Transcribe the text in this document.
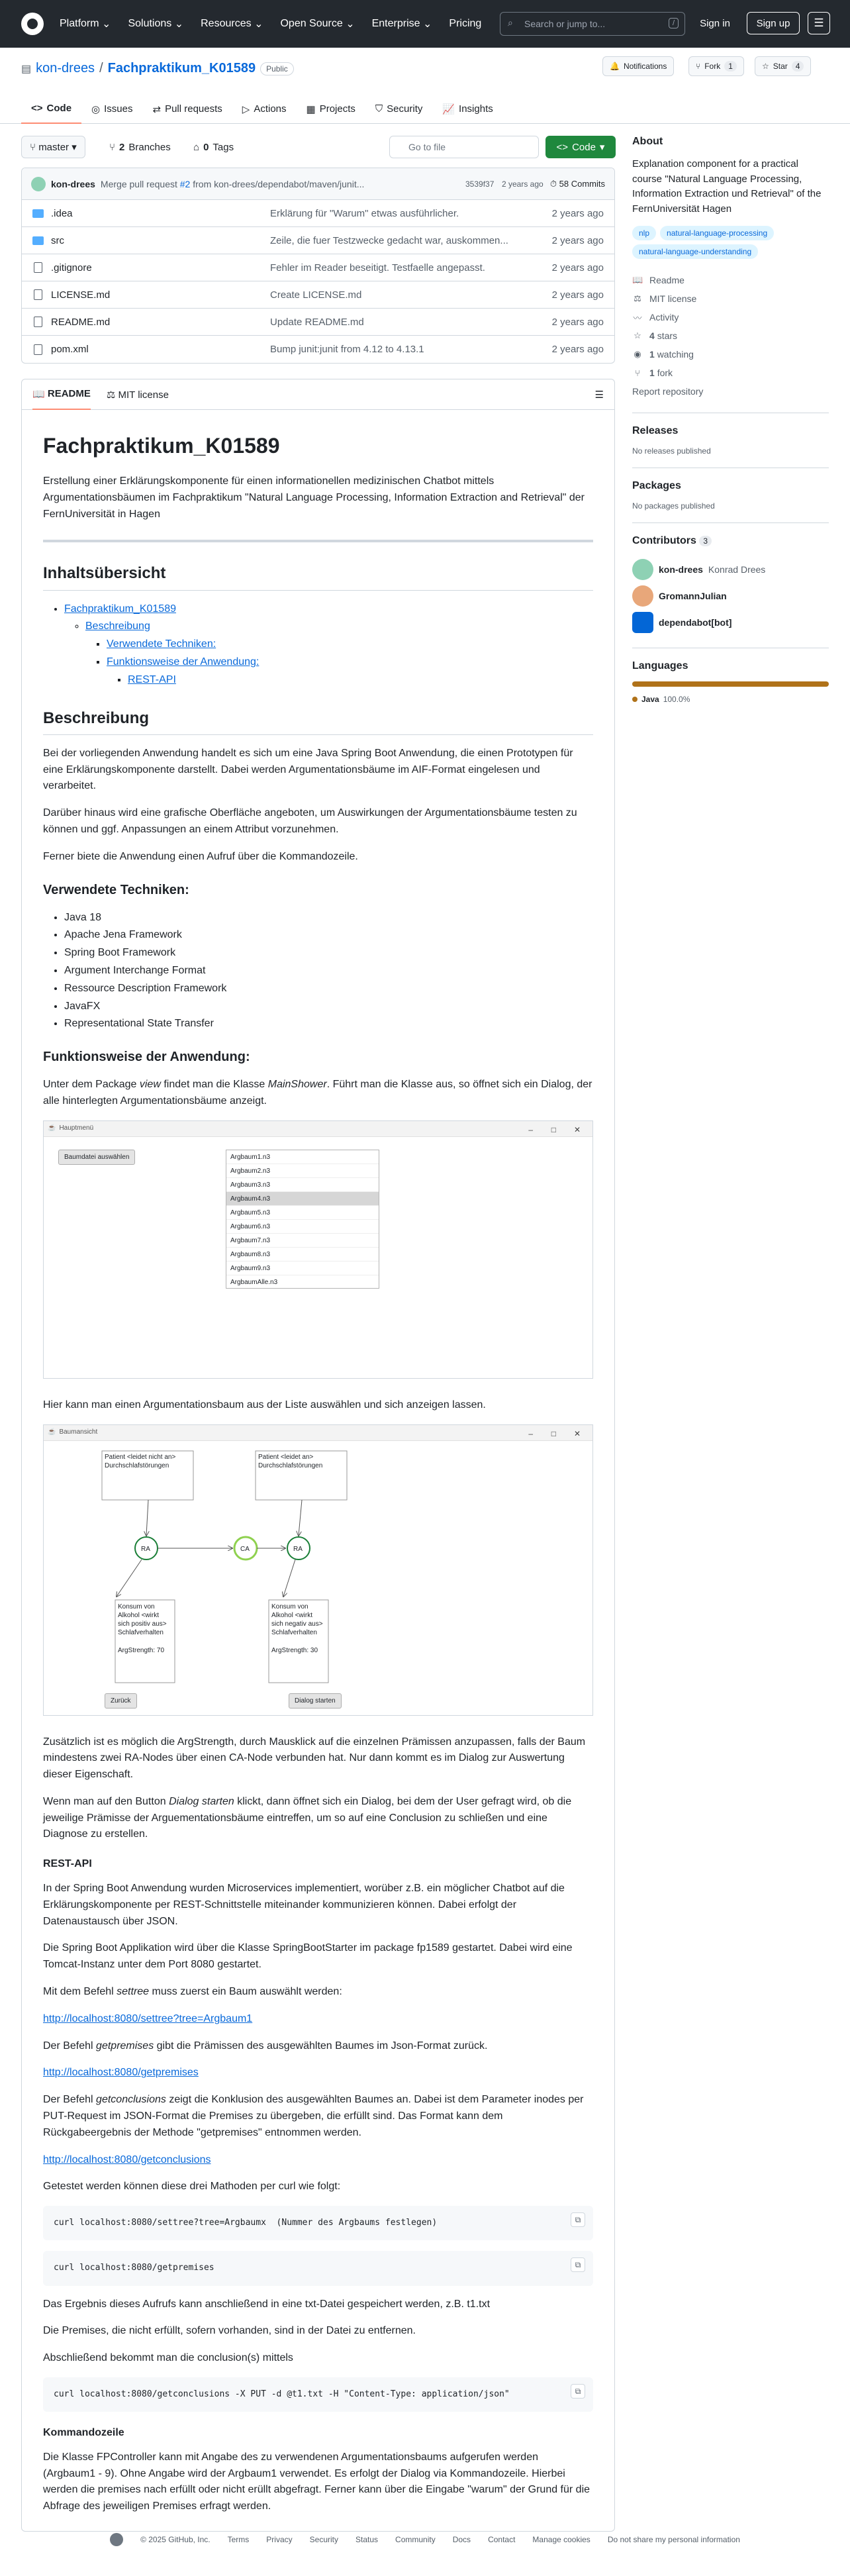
Platform
⌄ Solutions
⌄ Resources
⌄ Open Source
⌄ Enterprise
⌄ Pricing	⌕ Search or jump to...	/	Sign in	Sign up	☰
▤ kon-drees / Fachpraktikum_K01589	Public	🔔 Notifications	⑂ Fork	1	☆ Star	4
<> Code ◎ Issues ⇄ Pull requests ▷ Actions ▦ Projects ⛉ Security 📈 Insights
⑂
master
▾	⑂ 2 Branches ⌂ 0 Tags	Go to file	<> Code ▾
kon-drees Merge pull request #2 from kon-drees/dependabot/maven/junit...	3539f37 2 years ago ⏱ 58 Commits
.idea	Erklärung für "Warum" etwas ausführlicher.	2 years ago
src	Zeile, die fuer Testzwecke gedacht war, auskommen...	2 years ago
.gitignore	Fehler im Reader beseitigt. Testfaelle angepasst.	2 years ago
LICENSE.md	Create LICENSE.md	2 years ago
README.md	Update README.md	2 years ago
pom.xml	Bump junit:junit from 4.12 to 4.13.1	2 years ago
📖
README ⚖ MIT license	☰
Fachpraktikum_K01589

Erstellung einer Erklärungskomponente für einen informationellen medizinischen Chatbot mittels Argumentationsbäumen im Fachpraktikum "Natural Language Processing, Information Extraction and Retrieval" der FernUniversität in Hagen

Inhaltsübersicht
• Fachpraktikum_K01589
◦ Beschreibung
▪ Verwendete Techniken:
▪ Funktionsweise der Anwendung:
▪ REST-API
Beschreibung

Bei der vorliegenden Anwendung handelt es sich um eine Java Spring Boot Anwendung, die einen Prototypen für eine Erklärungskomponente darstellt. Dabei werden Argumentationsbäume im AIF-Format eingelesen und verarbeitet.

Darüber hinaus wird eine grafische Oberfläche angeboten, um Auswirkungen der Argumentationsbäume testen zu können und ggf. Anpassungen an einem Attribut vorzunehmen.

Ferner biete die Anwendung einen Aufruf über die Kommandozeile.

Verwendete Techniken:
• Java 18
• Apache Jena Framework
• Spring Boot Framework
• Argument Interchange Format
• Ressource Description Framework
• JavaFX
• Representational State Transfer
Funktionsweise der Anwendung:

Unter dem Package view findet man die Klasse MainShower. Führt man die Klasse aus, so öffnet sich ein Dialog, der alle hinterlegten Argumentationsbäume anzeigt.

☕ Hauptmenü	– □ ✕
Baumdatei auswählen	Argbaum1.n3
Argbaum2.n3
Argbaum3.n3
Argbaum4.n3
Argbaum5.n3
Argbaum6.n3
Argbaum7.n3
Argbaum8.n3
Argbaum9.n3
ArgbaumAlle.n3

Hier kann man einen Argumentationsbaum aus der Liste auswählen und sich anzeigen lassen.

☕ Baumansicht	– □ ✕
Patient <leidet nicht an> Durchschlafstörungen
Patient <leidet an> Durchschlafstörungen
RA	CA	RA
Konsum von Alkohol <wirkt sich positiv aus>
Schlafverhalten
ArgStrength: 70
Konsum von Alkohol <wirkt sich negativ aus>
Schlafverhalten
ArgStrength: 30
Zurück	Dialog starten

Zusätzlich ist es möglich die ArgStrength, durch Mausklick auf die einzelnen Prämissen anzupassen, falls der Baum mindestens zwei RA-Nodes über einen CA-Node verbunden hat. Nur dann kommt es im Dialog zur Auswertung dieser Eigenschaft.

Wenn man auf den Button Dialog starten klickt, dann öffnet sich ein Dialog, bei dem der User gefragt wird, ob die jeweilige Prämisse der Arguementationsbäume eintreffen, um so auf eine Conclusion zu schließen und eine Diagnose zu erstellen.

REST-API

In der Spring Boot Anwendung wurden Microservices implementiert, worüber z.B. ein möglicher Chatbot auf die Erklärungskomponente per REST-Schnittstelle miteinander kommunizieren können. Dabei erfolgt der Datenaustausch über JSON.

Die Spring Boot Applikation wird über die Klasse SpringBootStarter im package fp1589 gestartet. Dabei wird eine Tomcat-Instanz unter dem Port 8080 gestartet.

Mit dem Befehl settree muss zuerst ein Baum auswählt werden:

http://localhost:8080/settree?tree=Argbaum1

Der Befehl getpremises gibt die Prämissen des ausgewählten Baumes im Json-Format zurück.

http://localhost:8080/getpremises

Der Befehl getconclusions zeigt die Konklusion des ausgewählten Baumes an. Dabei ist dem Parameter inodes per PUT-Request im JSON-Format die Premises zu übergeben, die erfüllt sind. Das Format kann dem Rückgabeergebnis der Methode "getpremises" entnommen werden.

http://localhost:8080/getconclusions

Getestet werden können diese drei Mathoden per curl wie folgt:

curl localhost:8080/settree?tree=Argbaumx  (Nummer des Argbaums festlegen)	⧉
curl localhost:8080/getpremises	⧉

Das Ergebnis dieses Aufrufs kann anschließend in eine txt-Datei gespeichert werden, z.B. t1.txt

Die Premises, die nicht erfüllt, sofern vorhanden, sind in der Datei zu entfernen.

Abschließend bekommt man die conclusion(s) mittels

curl localhost:8080/getconclusions -X PUT -d @t1.txt -H "Content-Type: application/json"	⧉
Kommandozeile

Die Klasse FPController kann mit Angabe des zu verwendenen Argumentationsbaums aufgerufen werden (Argbaum1 - 9). Ohne Angabe wird der Argbaum1 verwendet. Es erfolgt der Dialog via Kommandozeile. Hierbei werden die premises nach erfüllt oder nicht erüllt abgefragt. Ferner kann über die Eingabe "warum" der Grund für die Abfrage des jeweiligen Premises erfragt werden.

About
Explanation component for a practical course "Natural Language Processing, Information Extraction und Retrieval" of the FernUniversität Hagen
nlp	natural-language-processing
natural-language-understanding
📖 Readme
⚖ MIT license
〰 Activity
☆ 4 stars
◉ 1 watching
⑂ 1 fork
Report repository
Releases
No releases published
Packages
No packages published
Contributors 3
kon-drees Konrad Drees
GromannJulian
dependabot[bot]
Languages
Java 100.0%
© 2025 GitHub, Inc. Terms Privacy Security Status Community Docs Contact Manage cookies Do not share my personal information
